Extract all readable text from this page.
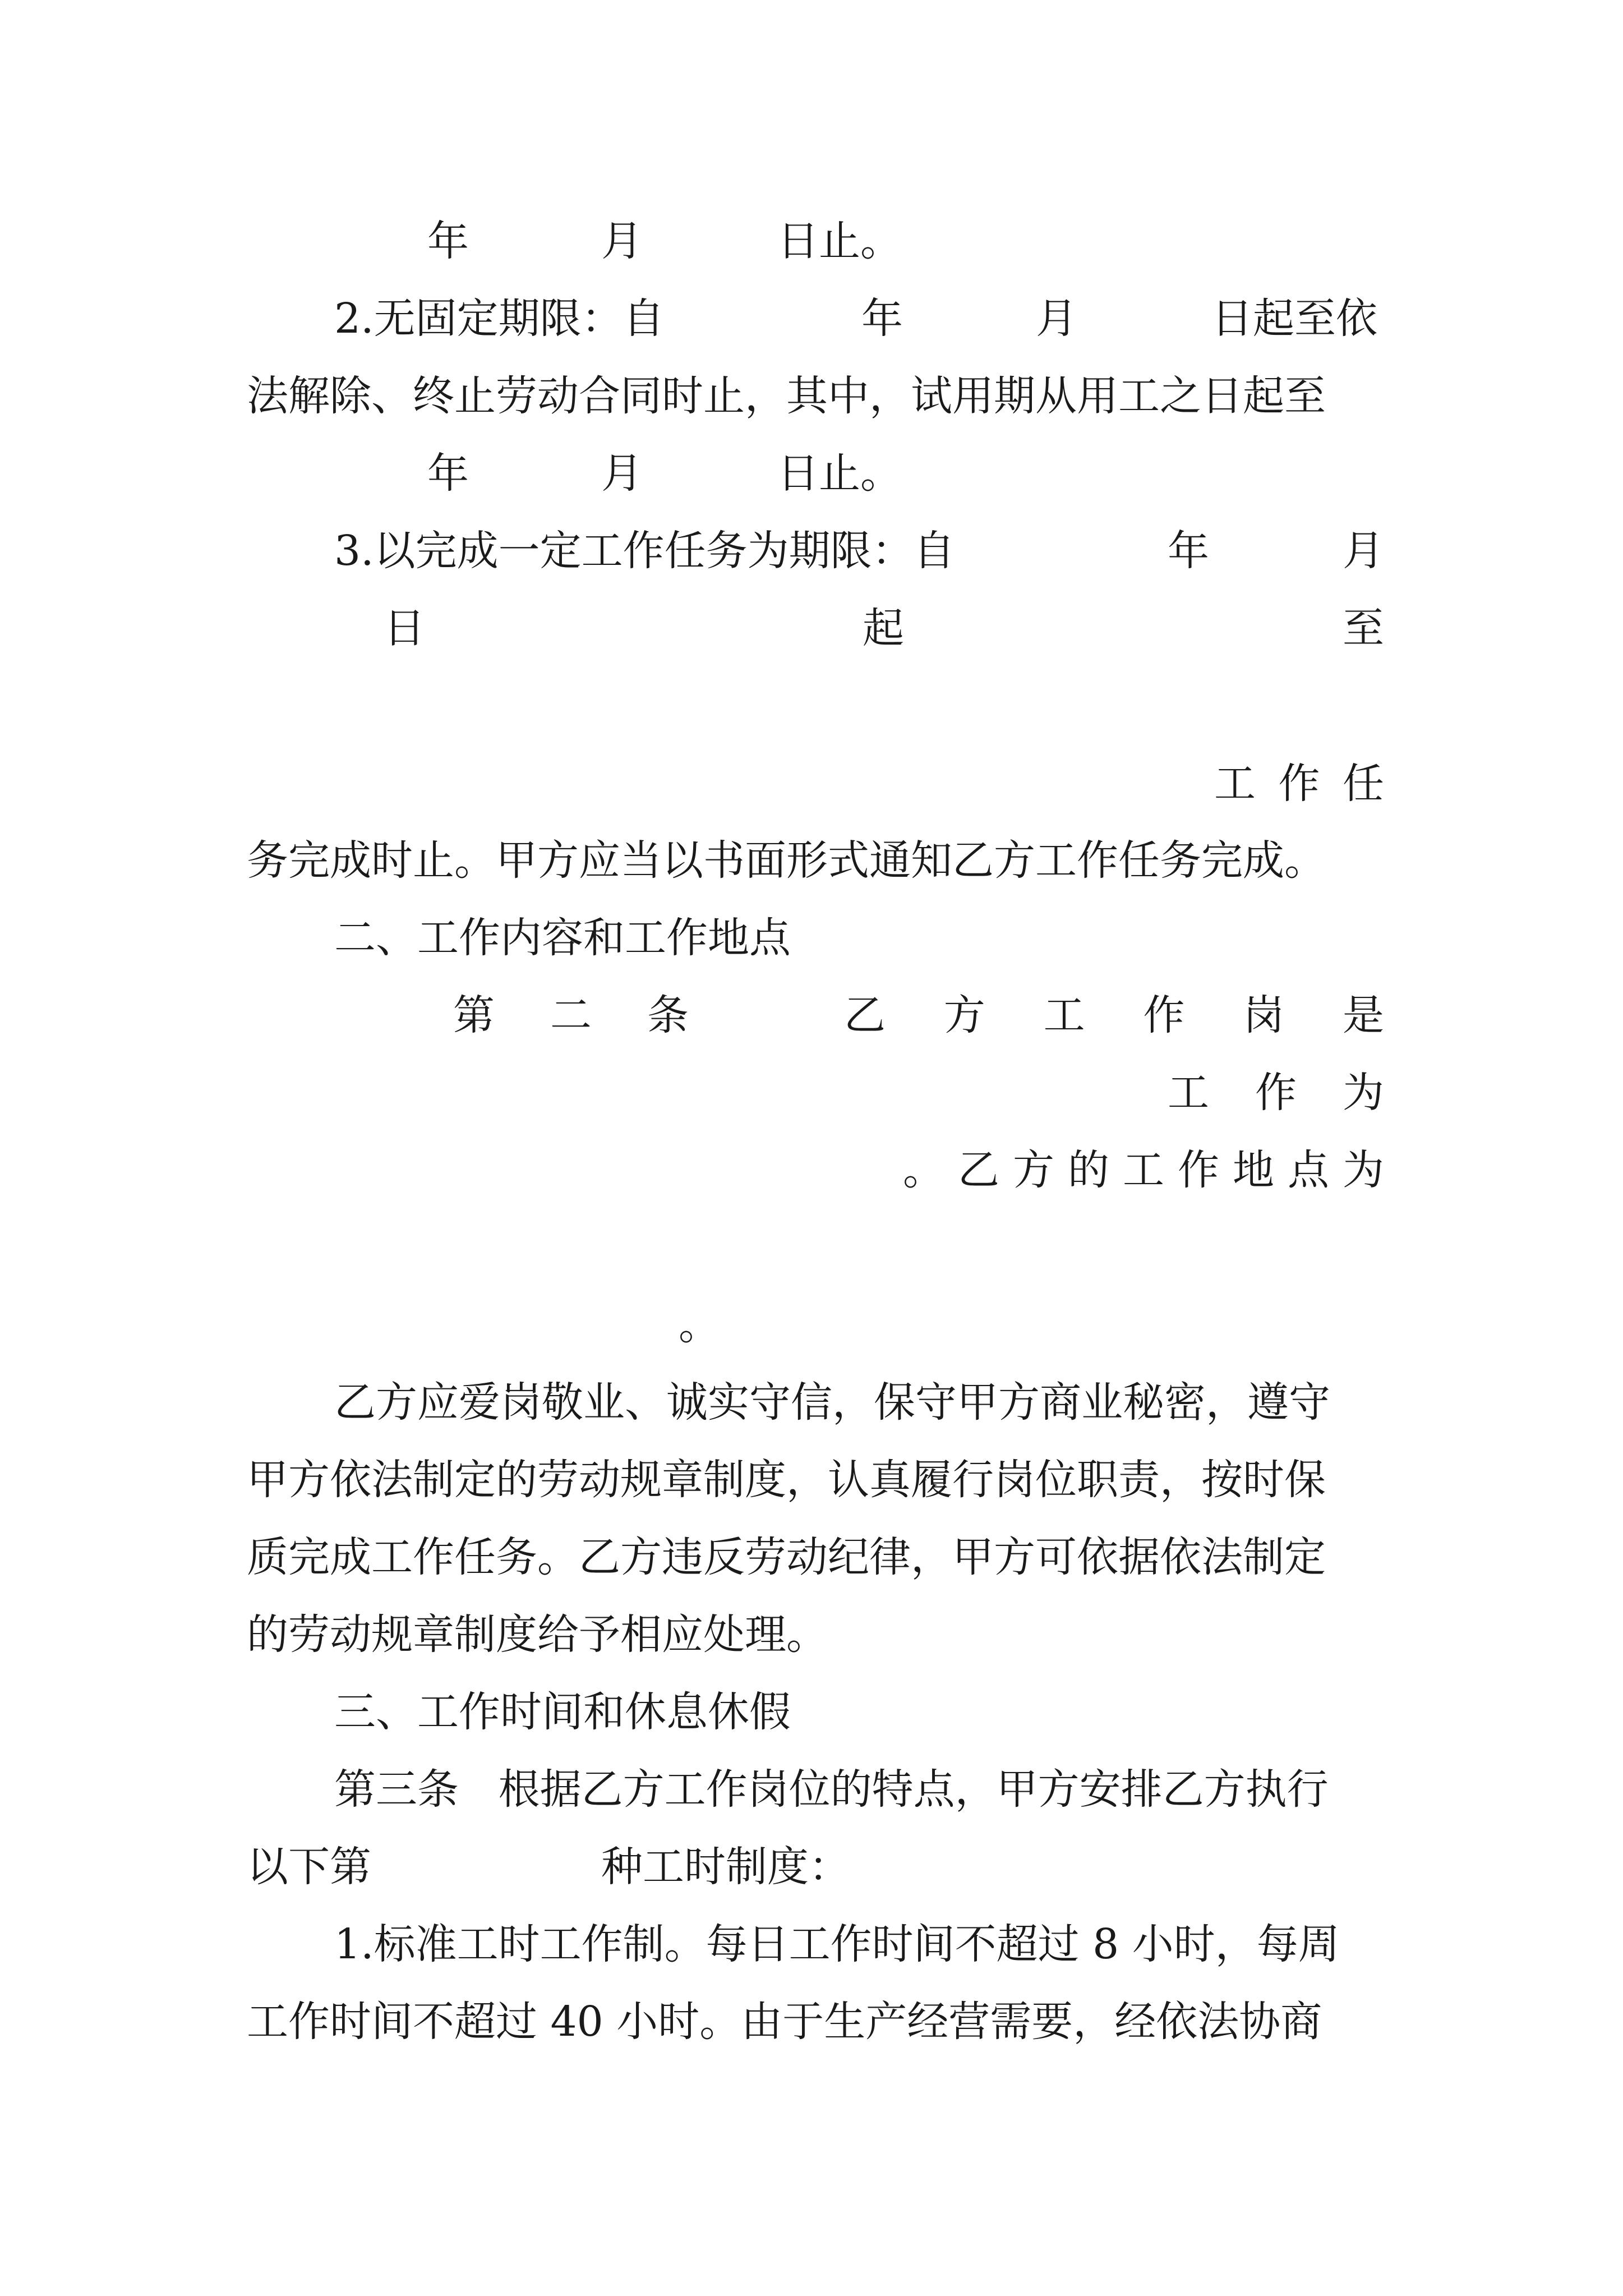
年	月	日止。

2.无固定期限：自	年	月	日起至依

法解除、终止劳动合同时止，其中，试用期从用工之日起至

年	月	日止。

3.以完成一定工作任务为期限：自	年	月

日	起	至

工 作 任

务完成时止。甲方应当以书面形式通知乙方工作任务完成。

二、工作内容和工作地点

第 二 条	乙 方 工 作 岗 是
工 作 为
。 乙 方 的 工 作 地 点 为

。

乙方应爱岗敬业、诚实守信，保守甲方商业秘密，遵守

甲方依法制定的劳动规章制度，认真履行岗位职责，按时保

质完成工作任务。乙方违反劳动纪律，甲方可依据依法制定

的劳动规章制度给予相应处理。

三、工作时间和休息休假

第三条   根据乙方工作岗位的特点，甲方安排乙方执行

以下第	种工时制度：

1.标准工时工作制。每日工作时间不超过 8 小时，每周

工作时间不超过 40 小时。由于生产经营需要，经依法协商
